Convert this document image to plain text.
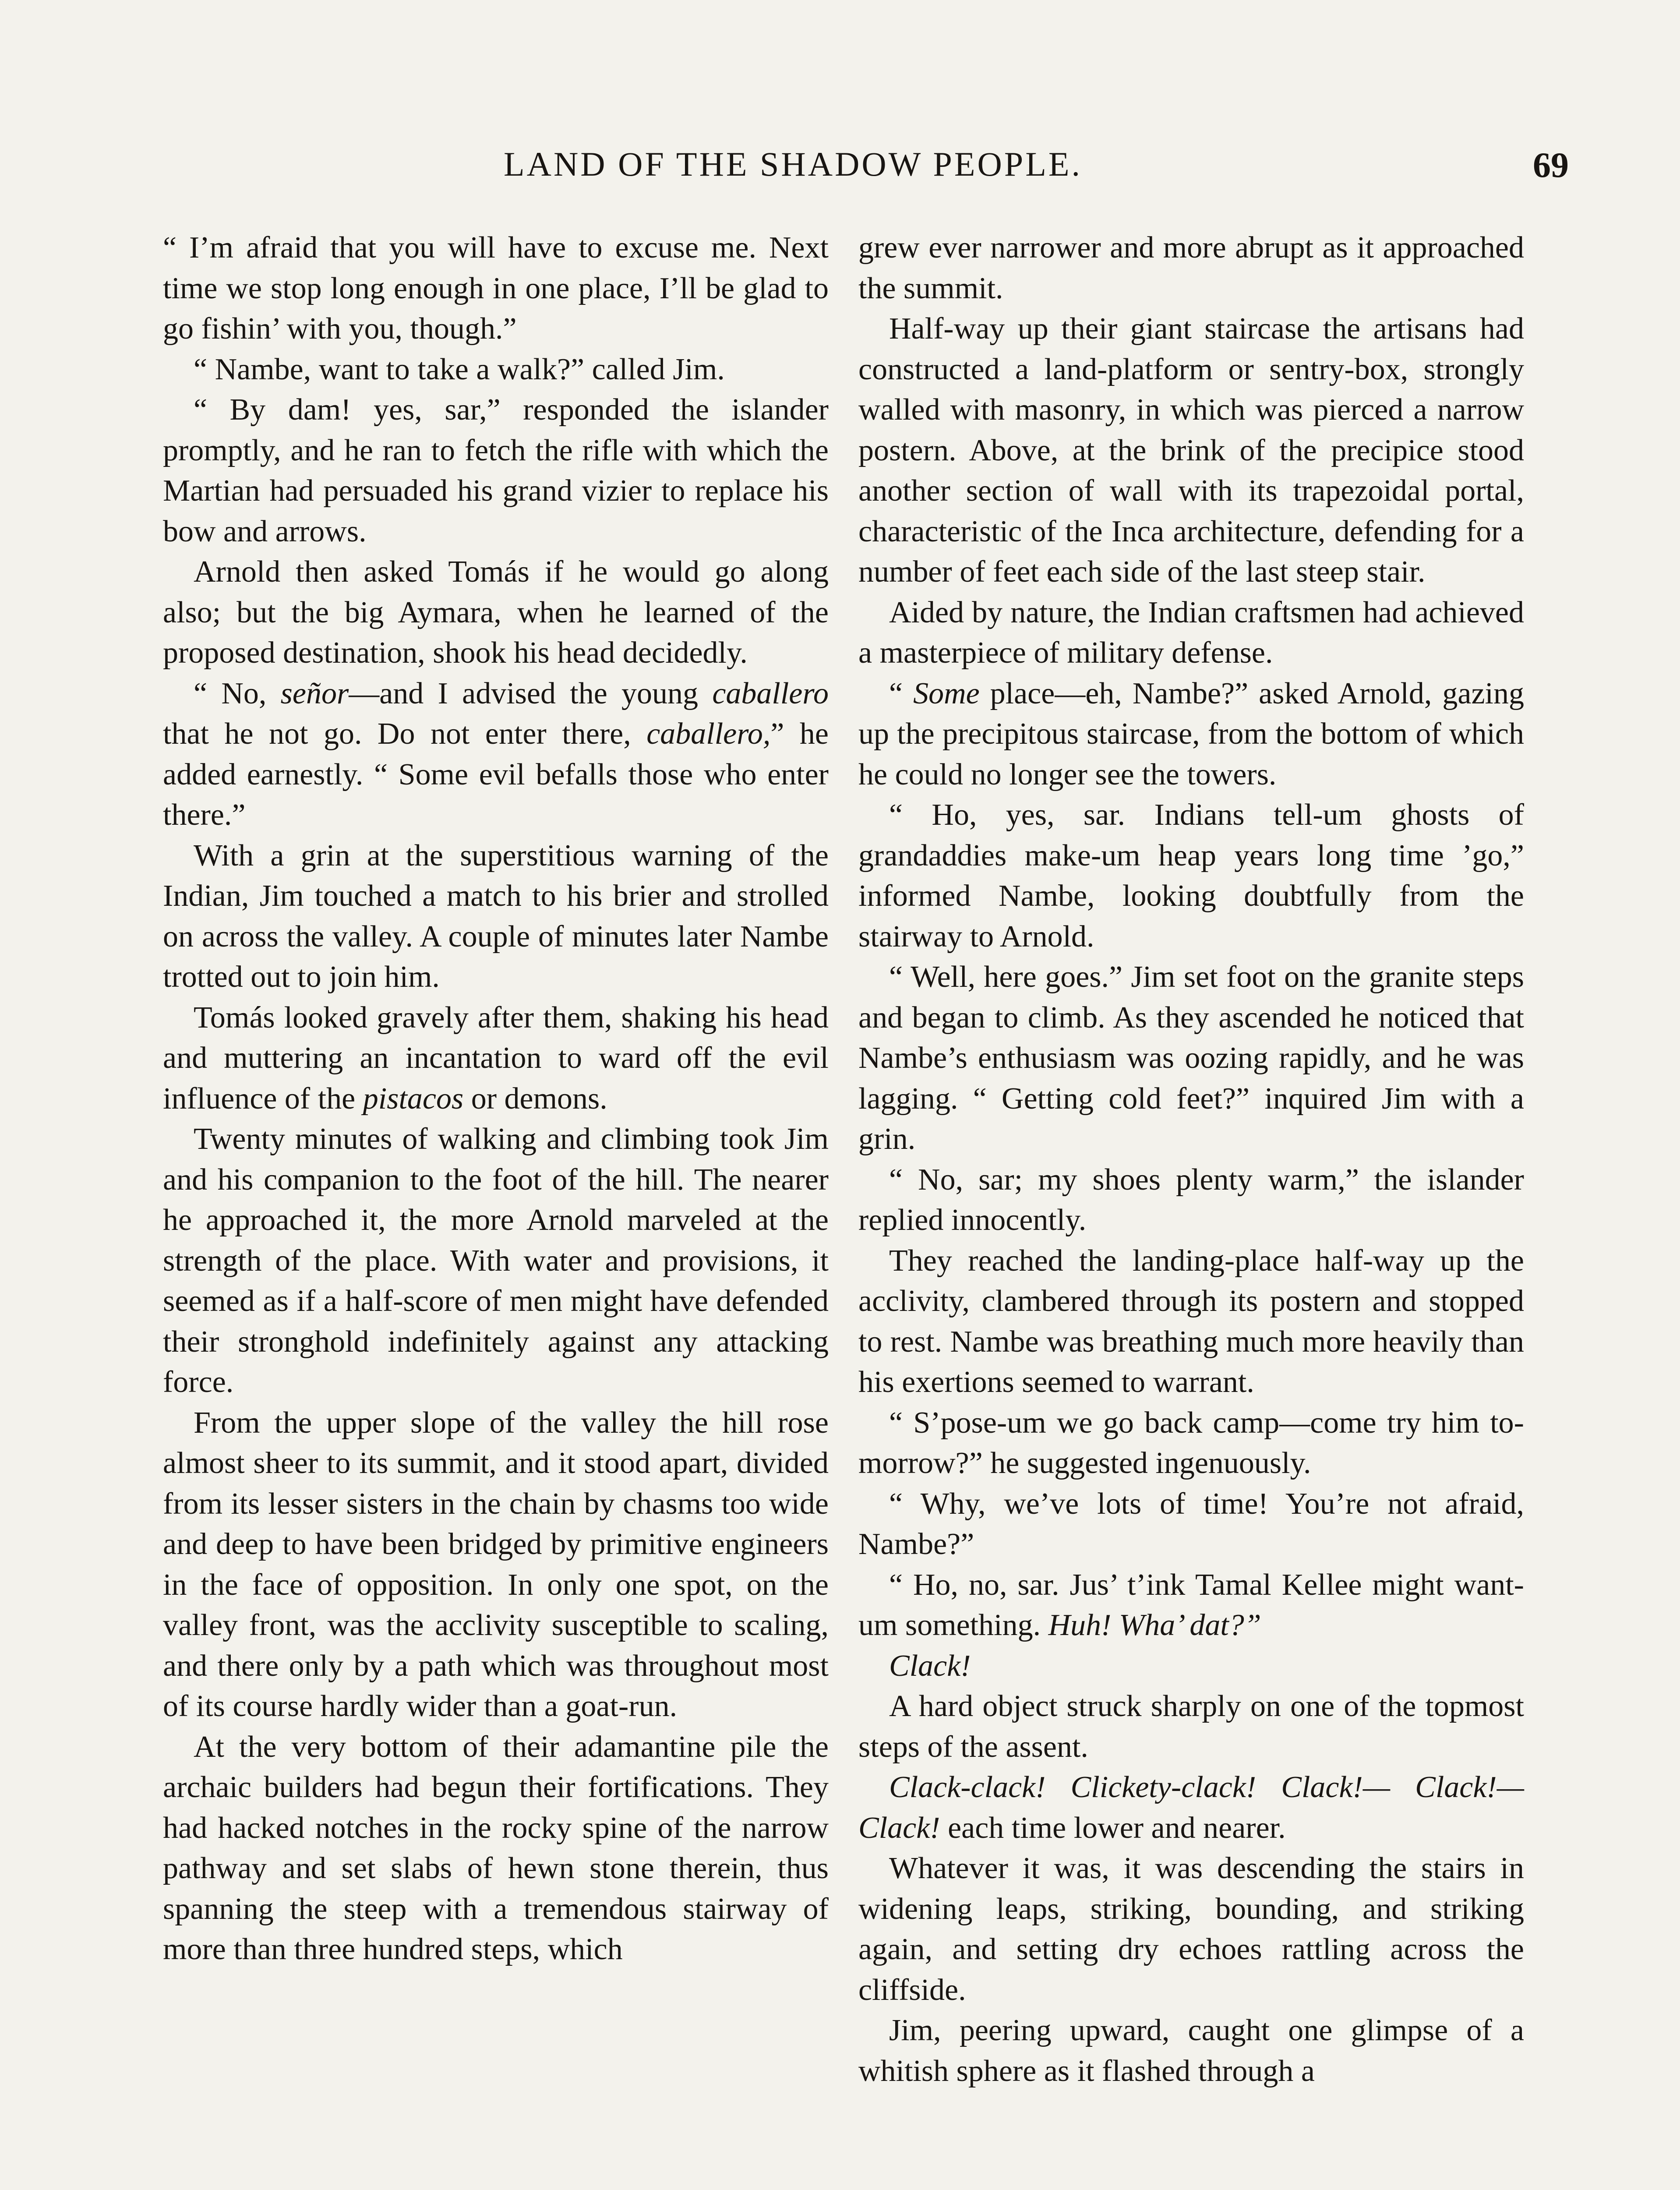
LAND OF THE SHADOW PEOPLE.	69

“ I’m afraid that you will have to excuse me. Next time we stop long enough in one place, I’ll be glad to go fishin’ with you, though.”

“ Nambe, want to take a walk?” called Jim.

“ By dam! yes, sar,” responded the islander promptly, and he ran to fetch the rifle with which the Martian had persuaded his grand vizier to replace his bow and arrows.

Arnold then asked Tomás if he would go along also; but the big Aymara, when he learned of the proposed destination, shook his head decidedly.

“ No, señor—and I advised the young caballero that he not go. Do not enter there, caballero,” he added earnestly. “ Some evil befalls those who enter there.”

With a grin at the superstitious warning of the Indian, Jim touched a match to his brier and strolled on across the valley. A couple of minutes later Nambe trotted out to join him.

Tomás looked gravely after them, shaking his head and muttering an incantation to ward off the evil influence of the pistacos or demons.

Twenty minutes of walking and climbing took Jim and his companion to the foot of the hill. The nearer he approached it, the more Arnold marveled at the strength of the place. With water and provisions, it seemed as if a half-score of men might have defended their stronghold indefinitely against any attacking force.

From the upper slope of the valley the hill rose almost sheer to its summit, and it stood apart, divided from its lesser sisters in the chain by chasms too wide and deep to have been bridged by primitive engineers in the face of opposition. In only one spot, on the valley front, was the acclivity susceptible to scaling, and there only by a path which was throughout most of its course hardly wider than a goat-run.

At the very bottom of their adamantine pile the archaic builders had begun their fortifications. They had hacked notches in the rocky spine of the narrow pathway and set slabs of hewn stone therein, thus spanning the steep with a tremendous stairway of more than three hundred steps, which

grew ever narrower and more abrupt as it approached the summit.

Half-way up their giant staircase the artisans had constructed a land-platform or sentry-box, strongly walled with masonry, in which was pierced a narrow postern. Above, at the brink of the precipice stood another section of wall with its trapezoidal portal, characteristic of the Inca architecture, defending for a number of feet each side of the last steep stair.

Aided by nature, the Indian craftsmen had achieved a masterpiece of military defense.

“ Some place—eh, Nambe?” asked Arnold, gazing up the precipitous staircase, from the bottom of which he could no longer see the towers.

“ Ho, yes, sar. Indians tell-um ghosts of grandaddies make-um heap years long time ’go,” informed Nambe, looking doubtfully from the stairway to Arnold.

“ Well, here goes.” Jim set foot on the granite steps and began to climb. As they ascended he noticed that Nambe’s enthusiasm was oozing rapidly, and he was lagging. “ Getting cold feet?” inquired Jim with a grin.

“ No, sar; my shoes plenty warm,” the islander replied innocently.

They reached the landing-place half-way up the acclivity, clambered through its postern and stopped to rest. Nambe was breathing much more heavily than his exertions seemed to warrant.

“ S’pose-um we go back camp—come try him to-morrow?” he suggested ingenuously.

“ Why, we’ve lots of time! You’re not afraid, Nambe?”

“ Ho, no, sar. Jus’ t’ink Tamal Kellee might want-um something. Huh! Wha’ dat?”

Clack!

A hard object struck sharply on one of the topmost steps of the assent.

Clack-clack! Clickety-clack! Clack!— Clack!—Clack! each time lower and nearer.

Whatever it was, it was descending the stairs in widening leaps, striking, bounding, and striking again, and setting dry echoes rattling across the cliffside.

Jim, peering upward, caught one glimpse of a whitish sphere as it flashed through a
